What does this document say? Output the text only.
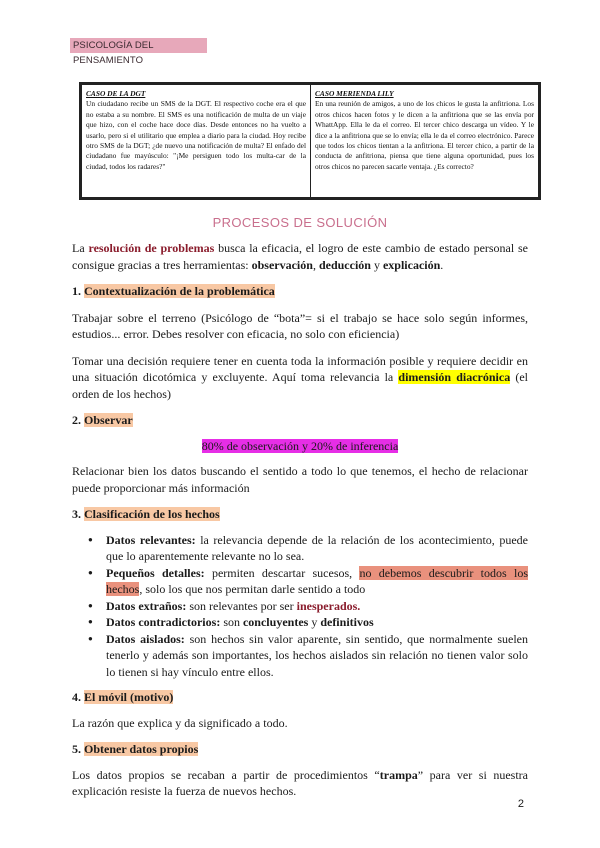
PSICOLOGÍA DEL PENSAMIENTO
CASO DE LA DGT
Un ciudadano recibe un SMS de la DGT. El respectivo coche era el que no estaba a su nombre. El SMS es una notificación de multa de un viaje que hizo, con el coche hace doce días. Desde entonces no ha vuelto a usarlo, pero si el utilitario que emplea a diario para la ciudad. Hoy recibe otro SMS de la DGT; ¿de nuevo una notificación de multa? El enfado del ciudadano fue mayúsculo: "¡Me persiguen todo los multa-car de la ciudad, todos los radares?"
CASO MERIENDA LILY
En una reunión de amigos, a uno de los chicos le gusta la anfitriona. Los otros chicos hacen fotos y le dicen a la anfitriona que se las envía por WhattApp. Ella le da el correo. El tercer chico descarga un vídeo. Y le dice a la anfitriona que se lo envía; ella le da el correo electrónico. Parece que todos los chicos tientan a la anfitriona. El tercer chico, a partir de la conducta de anfitriona, piensa que tiene alguna oportunidad, pues los otros chicos no parecen sacarle ventaja. ¿Es correcto?
PROCESOS DE SOLUCIÓN

La resolución de problemas busca la eficacia, el logro de este cambio de estado personal se consigue gracias a tres herramientas: observación, deducción y explicación.

1. Contextualización de la problemática

Trabajar sobre el terreno (Psicólogo de “bota”= si el trabajo se hace solo según informes, estudios... error. Debes resolver con eficacia, no solo con eficiencia)

Tomar una decisión requiere tener en cuenta toda la información posible y requiere decidir en una situación dicotómica y excluyente. Aquí toma relevancia la dimensión diacrónica (el orden de los hechos)

2. Observar

80% de observación y 20% de inferencia

Relacionar bien los datos buscando el sentido a todo lo que tenemos, el hecho de relacionar puede proporcionar más información

3. Clasificación de los hechos

● Datos relevantes: la relevancia depende de la relación de los acontecimiento, puede que lo aparentemente relevante no lo sea.
● Pequeños detalles: permiten descartar sucesos, no debemos descubrir todos los hechos, solo los que nos permitan darle sentido a todo
● Datos extraños: son relevantes por ser inesperados.
● Datos contradictorios: son concluyentes y definitivos
● Datos aislados: son hechos sin valor aparente, sin sentido, que normalmente suelen tenerlo y además son importantes, los hechos aislados sin relación no tienen valor solo lo tienen si hay vínculo entre ellos.

4. El móvil (motivo)

La razón que explica y da significado a todo.

5. Obtener datos propios

Los datos propios se recaban a partir de procedimientos “trampa” para ver si nuestra explicación resiste la fuerza de nuevos hechos.

2
